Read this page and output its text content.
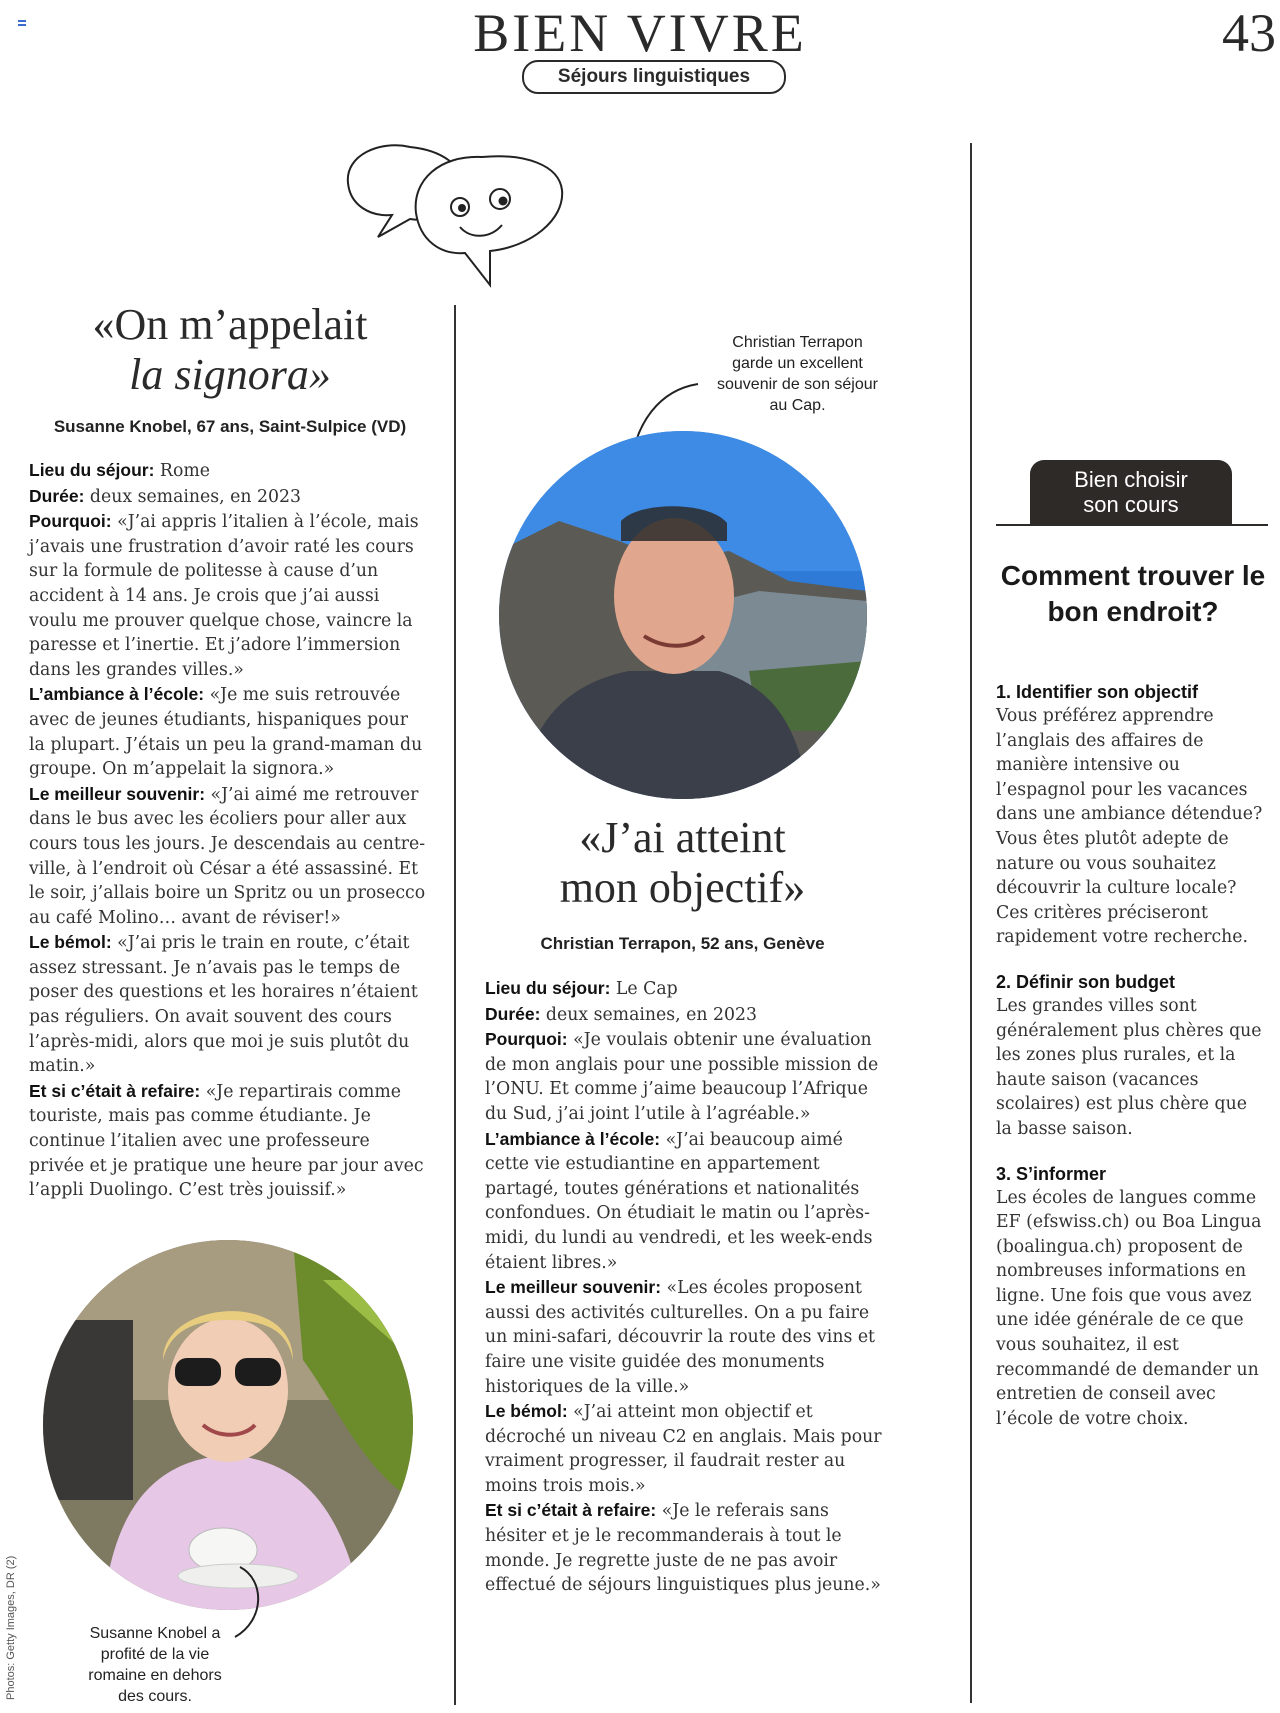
BIEN VIVRE	43
Séjours linguistiques
«On m’appelait
la signora»
Susanne Knobel, 67 ans, Saint-Sulpice (VD)

Lieu du séjour: Rome

Durée: deux semaines, en 2023

Pourquoi: «J’ai appris l’italien à l’école, mais j’avais une frustration d’avoir raté les cours sur la formule de politesse à cause d’un accident à 14 ans. Je crois que j’ai aussi voulu me prouver quelque chose, vaincre la paresse et l’inertie. Et j’adore l’immersion dans les grandes villes.»

L’ambiance à l’école: «Je me suis retrouvée avec de jeunes étudiants, hispaniques pour la plupart. J’étais un peu la grand-maman du groupe. On m’appelait la signora.»

Le meilleur souvenir: «J’ai aimé me retrouver dans le bus avec les écoliers pour aller aux cours tous les jours. Je descendais au centre-ville, à l’endroit où César a été assassiné. Et le soir, j’allais boire un Spritz ou un prosecco au café Molino… avant de réviser!»

Le bémol: «J’ai pris le train en route, c’était assez stressant. Je n’avais pas le temps de poser des questions et les horaires n’étaient pas réguliers. On avait souvent des cours l’après-midi, alors que moi je suis plutôt du matin.»

Et si c’était à refaire: «Je repartirais comme touriste, mais pas comme étudiante. Je continue l’italien avec une professeure privée et je pratique une heure par jour avec l’appli Duolingo. C’est très jouissif.»

Susanne Knobel a profité de la vie romaine en dehors des cours.
Photos: Getty Images, DR (2)
Christian Terrapon garde un excellent souvenir de son séjour au Cap.
«J’ai atteint
mon objectif»
Christian Terrapon, 52 ans, Genève

Lieu du séjour: Le Cap

Durée: deux semaines, en 2023

Pourquoi: «Je voulais obtenir une évaluation de mon anglais pour une possible mission de l’ONU. Et comme j’aime beaucoup l’Afrique du Sud, j’ai joint l’utile à l’agréable.»

L’ambiance à l’école: «J’ai beaucoup aimé cette vie estudiantine en appartement partagé, toutes générations et nationalités confondues. On étudiait le matin ou l’après-midi, du lundi au vendredi, et les week-ends étaient libres.»

Le meilleur souvenir: «Les écoles proposent aussi des activités culturelles. On a pu faire un mini-safari, découvrir la route des vins et faire une visite guidée des monuments historiques de la ville.»

Le bémol: «J’ai atteint mon objectif et décroché un niveau C2 en anglais. Mais pour vraiment progresser, il faudrait rester au moins trois mois.»

Et si c’était à refaire: «Je le referais sans hésiter et je le recommanderais à tout le monde. Je regrette juste de ne pas avoir effectué de séjours linguistiques plus jeune.»

Bien choisir
son cours
Comment trouver le bon endroit?

1. Identifier son objectif

Vous préférez apprendre l’anglais des affaires de manière intensive ou l’espagnol pour les vacances dans une ambiance détendue? Vous êtes plutôt adepte de nature ou vous souhaitez découvrir la culture locale? Ces critères préciseront rapidement votre recherche.

2. Définir son budget

Les grandes villes sont généralement plus chères que les zones plus rurales, et la haute saison (vacances scolaires) est plus chère que la basse saison.

3. S’informer

Les écoles de langues comme EF (efswiss.ch) ou Boa Lingua (boalingua.ch) proposent de nombreuses informations en ligne. Une fois que vous avez une idée générale de ce que vous souhaitez, il est recommandé de demander un entretien de conseil avec l’école de votre choix.
